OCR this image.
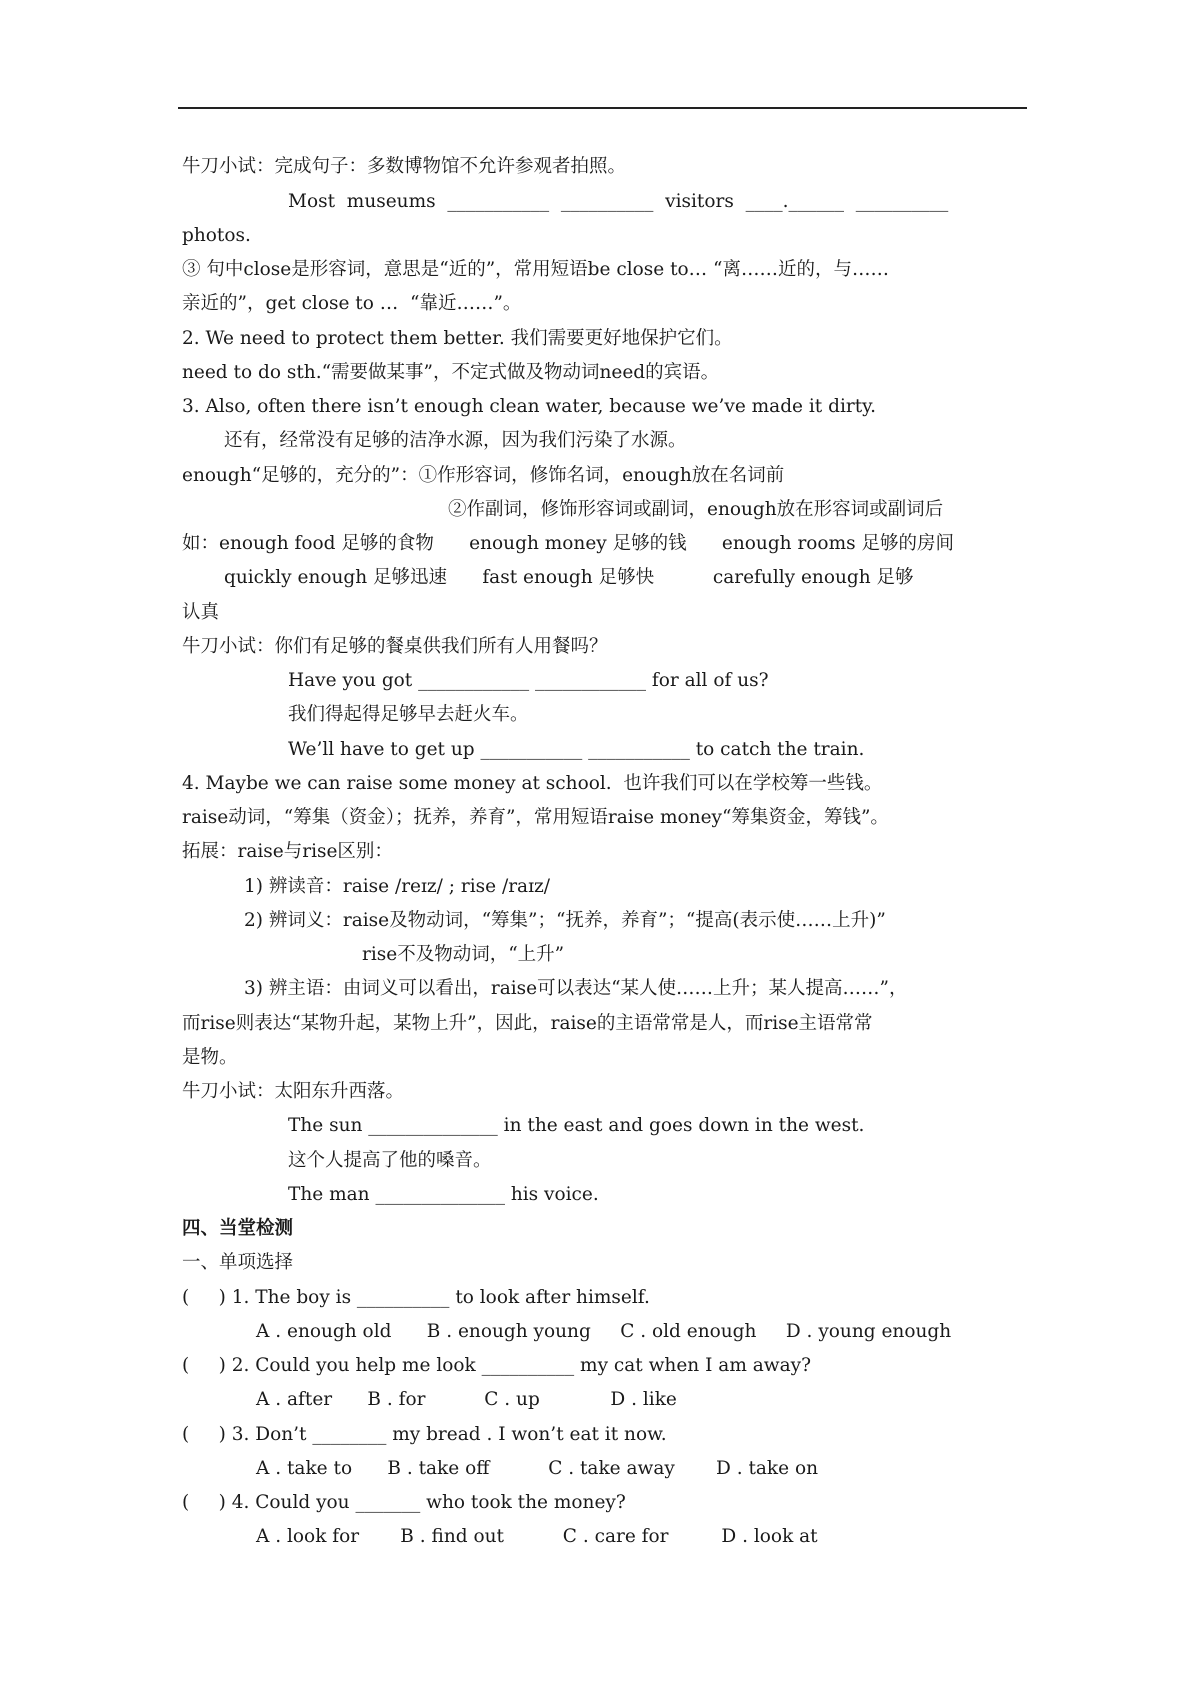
牛刀小试：完成句子：多数博物馆不允许参观者拍照。
Most  museums  ___________  __________  visitors  ____.______  __________
photos.
③ 句中close是形容词，意思是“近的”，常用短语be close to… “离……近的，与……
亲近的”，get close to …  “靠近……”。
2. We need to protect them better. 我们需要更好地保护它们。
need to do sth.“需要做某事”，不定式做及物动词need的宾语。
3. Also, often there isn’t enough clean water, because we’ve made it dirty.
还有，经常没有足够的洁净水源，因为我们污染了水源。
enough“足够的，充分的”：①作形容词，修饰名词，enough放在名词前
②作副词，修饰形容词或副词，enough放在形容词或副词后
如：enough food 足够的食物      enough money 足够的钱      enough rooms 足够的房间
quickly enough 足够迅速      fast enough 足够快          carefully enough 足够
认真
牛刀小试：你们有足够的餐桌供我们所有人用餐吗？
Have you got ____________ ____________ for all of us?
我们得起得足够早去赶火车。
We’ll have to get up ___________ ___________ to catch the train.
4. Maybe we can raise some money at school.  也许我们可以在学校筹一些钱。
raise动词，“筹集（资金）；抚养，养育”，常用短语raise money“筹集资金，筹钱”。
拓展：raise与rise区别：
1) 辨读音：raise /reɪz/ ; rise /raɪz/
2) 辨词义：raise及物动词，“筹集”；“抚养，养育”；“提高(表示使……上升)”
rise不及物动词，“上升”
3) 辨主语：由词义可以看出，raise可以表达“某人使……上升；某人提高……”，
而rise则表达“某物升起，某物上升”，因此，raise的主语常常是人，而rise主语常常
是物。
牛刀小试：太阳东升西落。
The sun ______________ in the east and goes down in the west.
这个人提高了他的嗓音。
The man ______________ his voice.
四、当堂检测
一、单项选择
(     ) 1. The boy is __________ to look after himself.
A . enough old      B . enough young     C . old enough     D . young enough
(     ) 2. Could you help me look __________ my cat when I am away?
A . after      B . for          C . up            D . like
(     ) 3. Don’t ________ my bread . I won’t eat it now.
A . take to      B . take off          C . take away       D . take on
(     ) 4. Could you _______ who took the money?
A . look for       B . find out          C . care for         D . look at
